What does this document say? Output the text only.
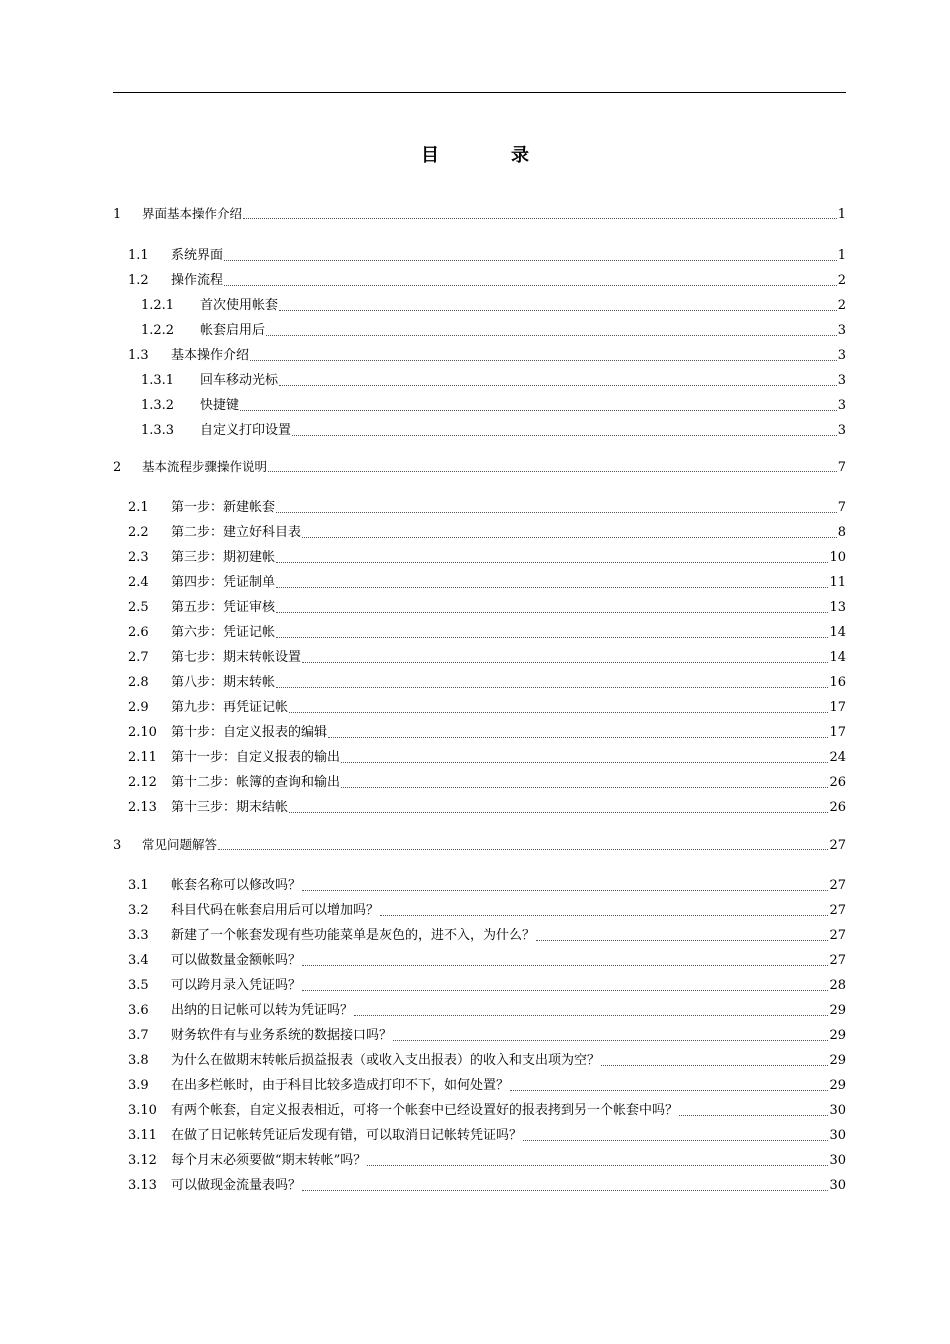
目	录
1	界面基本操作介绍	1
1.1	系统界面	1
1.2	操作流程	2
1.2.1	首次使用帐套	2
1.2.2	帐套启用后	3
1.3	基本操作介绍	3
1.3.1	回车移动光标	3
1.3.2	快捷键	3
1.3.3	自定义打印设置	3
2	基本流程步骤操作说明	7
2.1	第一步：新建帐套	7
2.2	第二步：建立好科目表	8
2.3	第三步：期初建帐	10
2.4	第四步：凭证制单	11
2.5	第五步：凭证审核	13
2.6	第六步：凭证记帐	14
2.7	第七步：期末转帐设置	14
2.8	第八步：期末转帐	16
2.9	第九步：再凭证记帐	17
2.10	第十步：自定义报表的编辑	17
2.11	第十一步：自定义报表的输出	24
2.12	第十二步：帐簿的查询和输出	26
2.13	第十三步：期末结帐	26
3	常见问题解答	27
3.1	帐套名称可以修改吗？	27
3.2	科目代码在帐套启用后可以增加吗？	27
3.3	新建了一个帐套发现有些功能菜单是灰色的，进不入，为什么？	27
3.4	可以做数量金额帐吗？	27
3.5	可以跨月录入凭证吗？	28
3.6	出纳的日记帐可以转为凭证吗？	29
3.7	财务软件有与业务系统的数据接口吗？	29
3.8	为什么在做期末转帐后损益报表（或收入支出报表）的收入和支出项为空？	29
3.9	在出多栏帐时，由于科目比较多造成打印不下，如何处置？	29
3.10	有两个帐套，自定义报表相近，可将一个帐套中已经设置好的报表拷到另一个帐套中吗？	30
3.11	在做了日记帐转凭证后发现有错，可以取消日记帐转凭证吗？	30
3.12	每个月末必须要做“期末转帐”吗？	30
3.13	可以做现金流量表吗？	30
